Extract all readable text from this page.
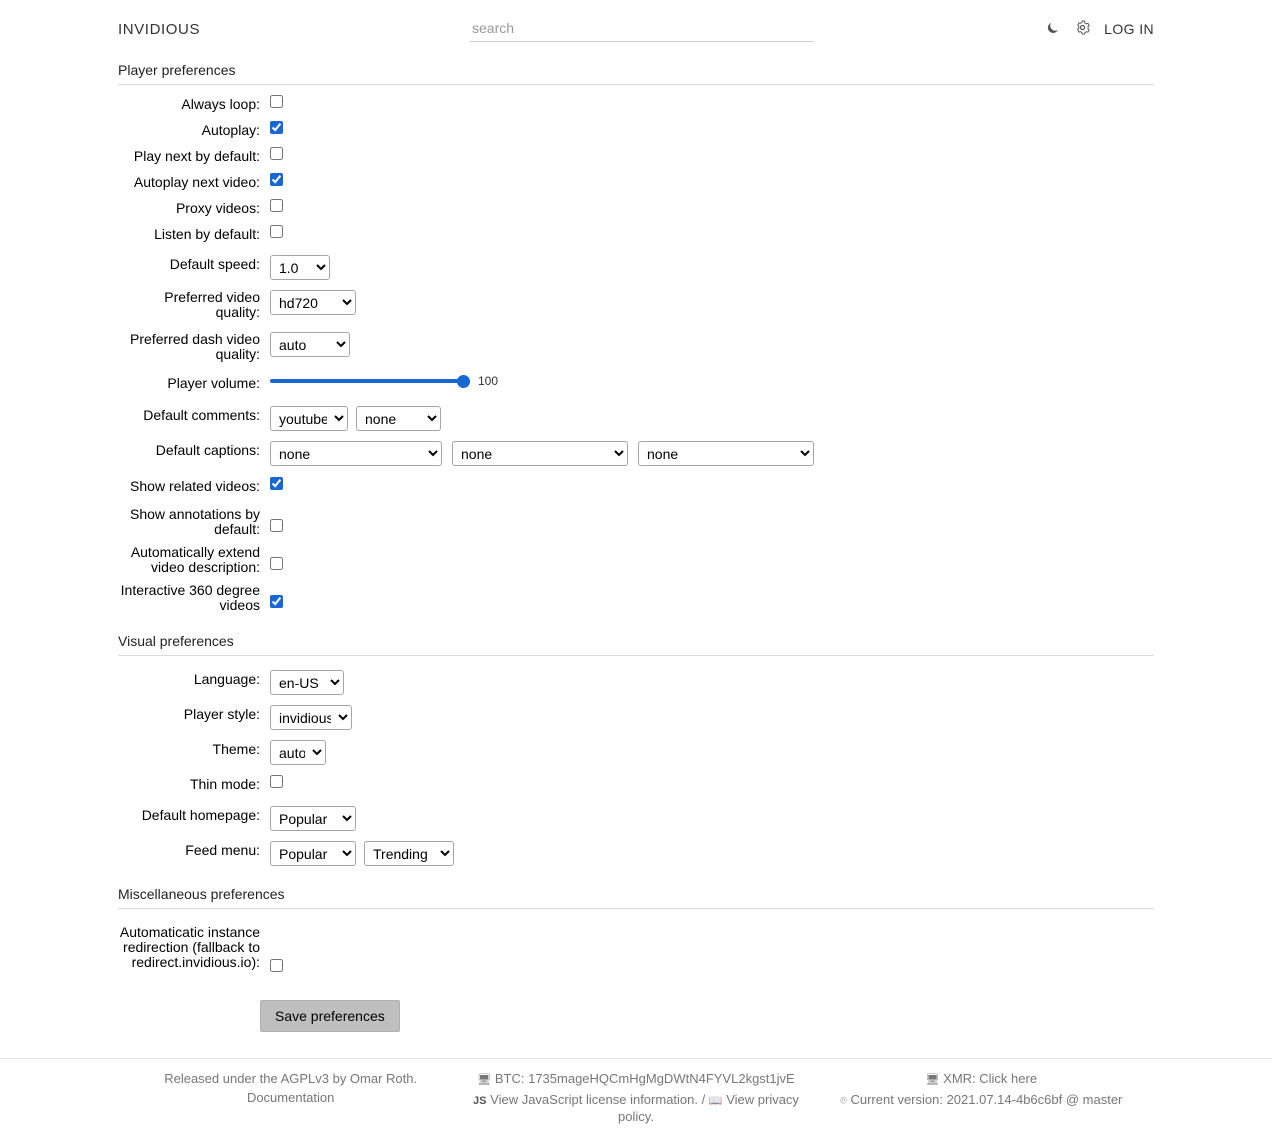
INVIDIOUS
search	LOG IN
Player preferences
Always loop:
Autoplay:
Play next by default:
Autoplay next video:
Proxy videos:
Listen by default:
Default speed:
1.0
Preferred video quality:
hd720
Preferred dash video quality:
auto
Player volume:	100
Default comments:
youtube
none
Default captions:
none
none
none
Show related videos:
Show annotations by default:
Automatically extend video description:
Interactive 360 degree videos
Visual preferences
Language:
en-US
Player style:
invidious
Theme:
auto
Thin mode:
Default homepage:
Popular
Feed menu:
Popular
Trending
Miscellaneous preferences
Automaticatic instance redirection (fallback to redirect.invidious.io):
Save preferences

Released under the AGPLv3 by Omar Roth.

Documentation

🖥 BTC: 1735mageHQCmHgMgDWtN4FYVL2kgst1jvE

JS View JavaScript license information. / 📖 View privacy policy.

🖥 XMR: Click here

⌾ Current version: 2021.07.14-4b6c6bf @ master
